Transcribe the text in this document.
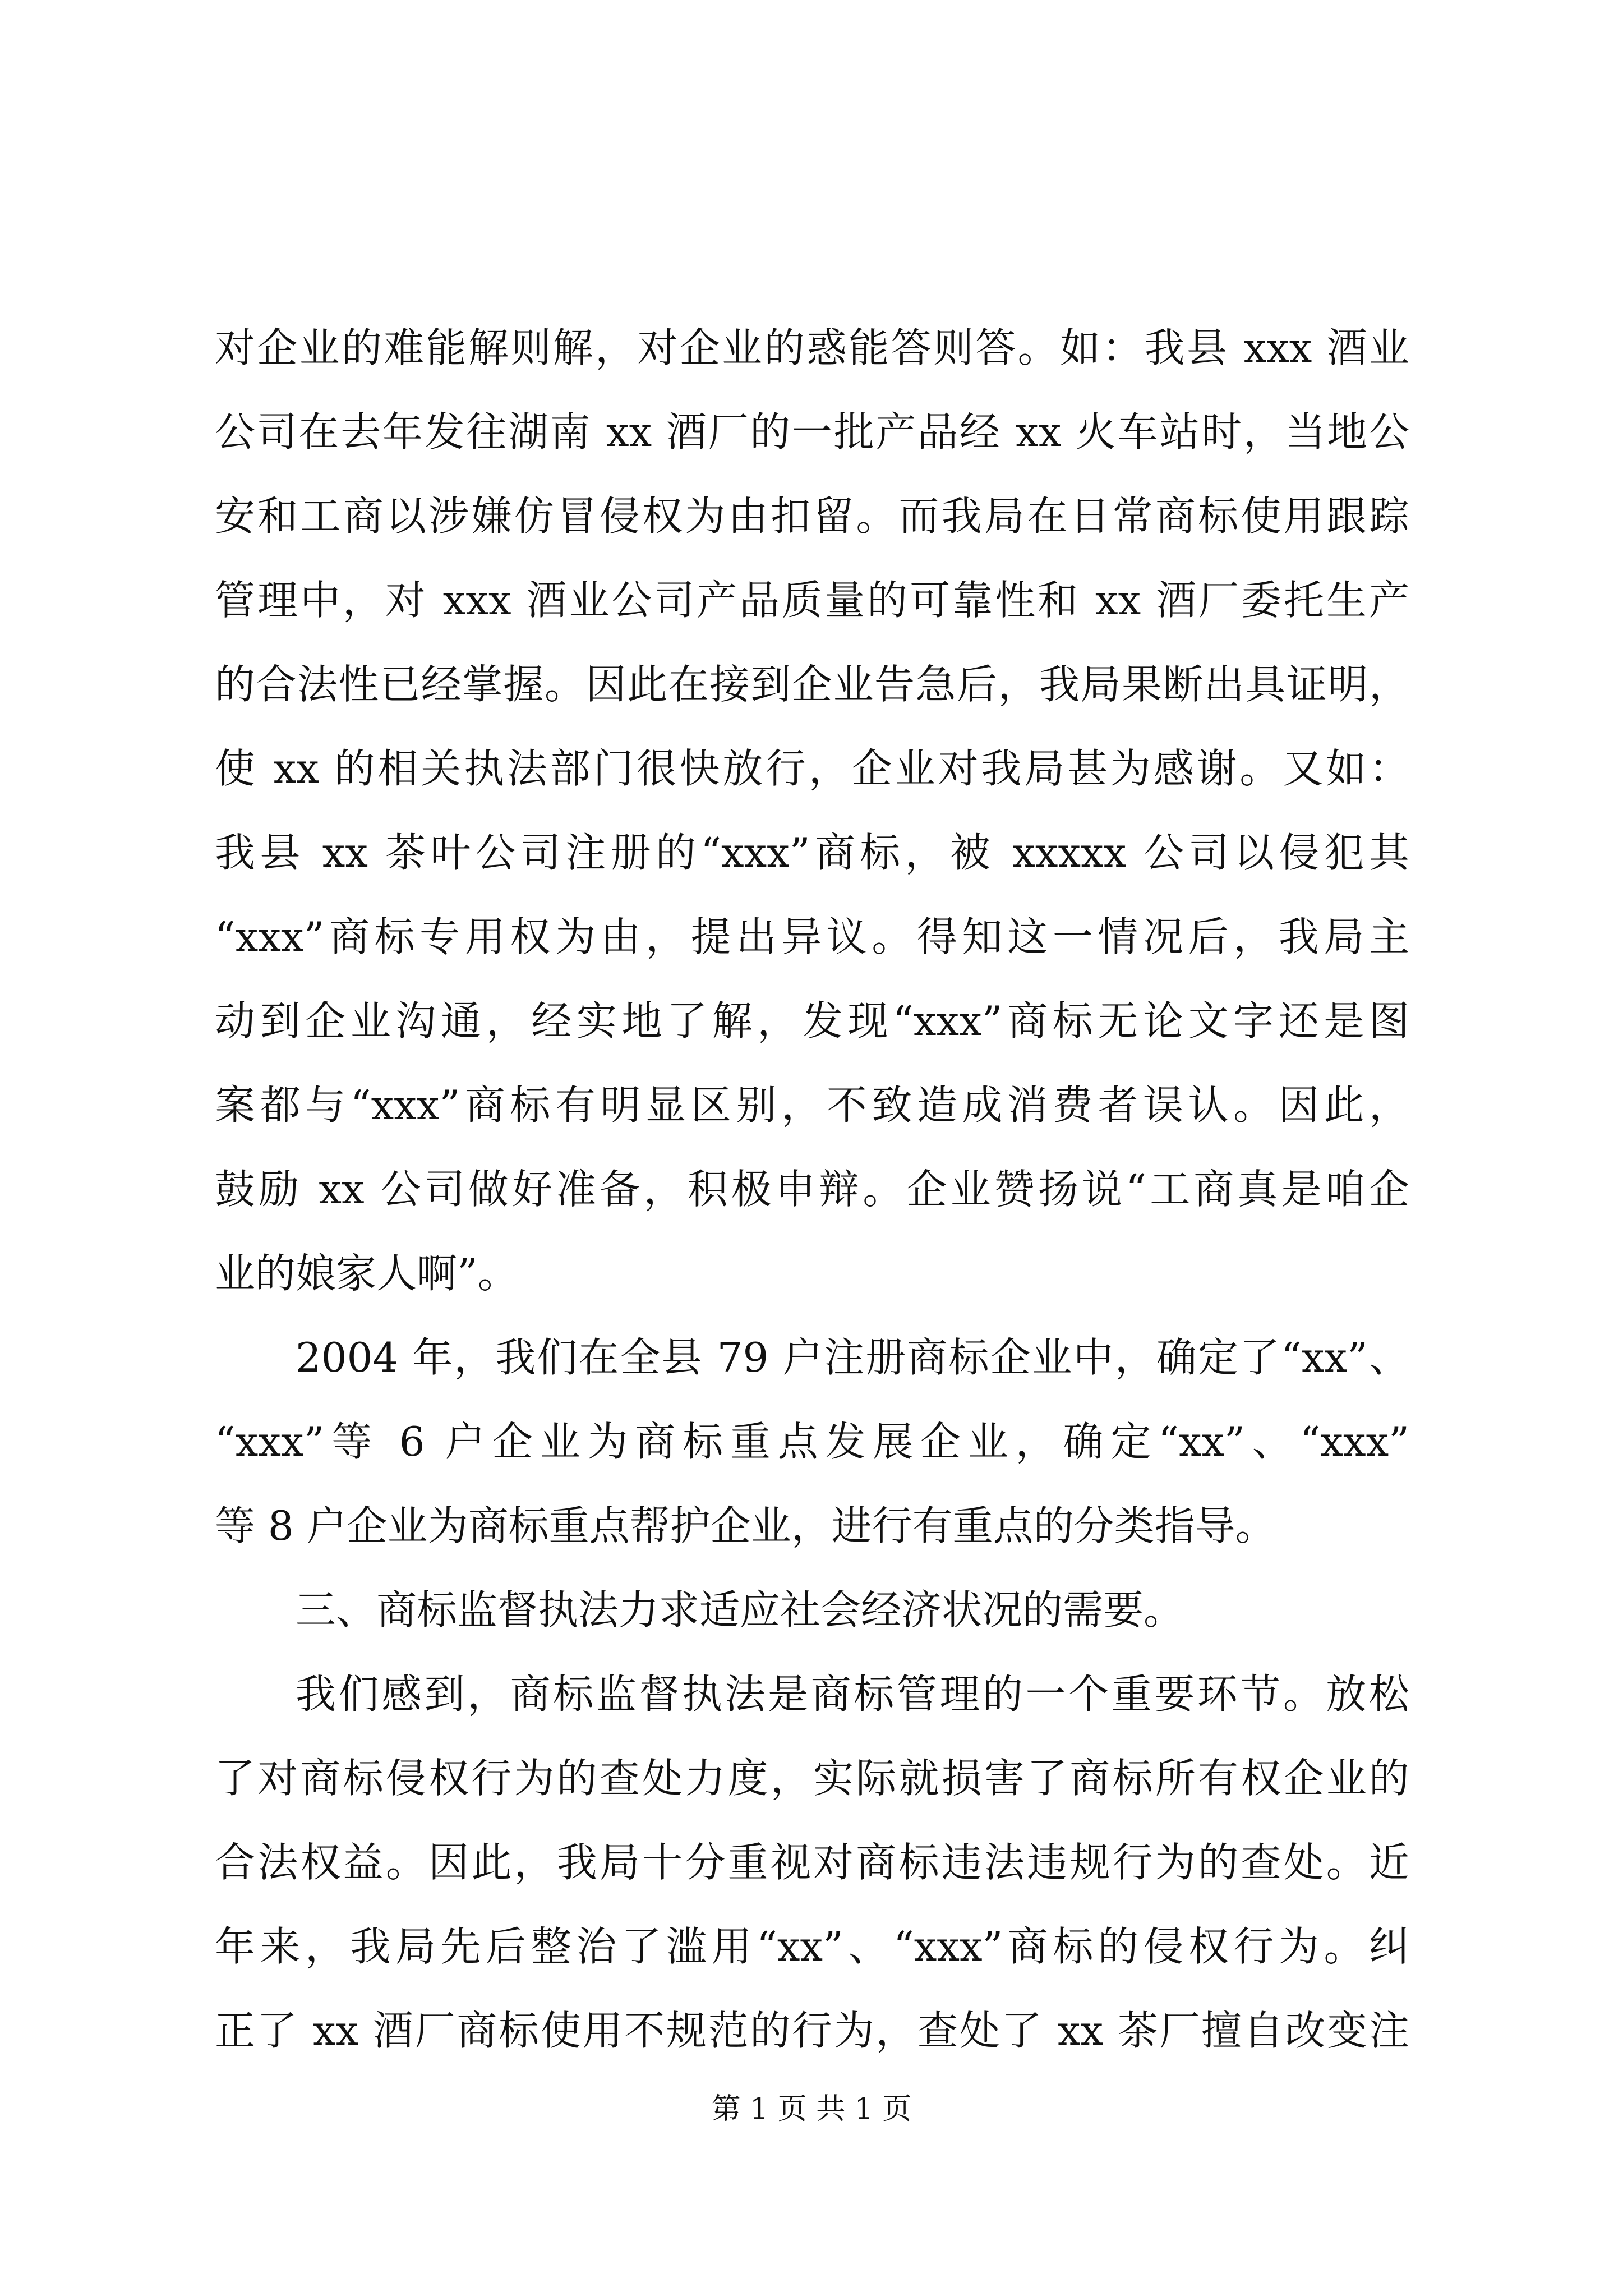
对企业的难能解则解，对企业的惑能答则答。如：我县 xxx 酒业
公司在去年发往湖南 xx 酒厂的一批产品经 xx 火车站时，当地公
安和工商以涉嫌仿冒侵权为由扣留。而我局在日常商标使用跟踪
管理中，对 xxx 酒业公司产品质量的可靠性和 xx 酒厂委托生产
的合法性已经掌握。因此在接到企业告急后，我局果断出具证明，
使 xx 的相关执法部门很快放行，企业对我局甚为感谢。又如：
我县 xx 茶叶公司注册的“xxx”商标，被 xxxxx 公司以侵犯其
“xxx”商标专用权为由，提出异议。得知这一情况后，我局主
动到企业沟通，经实地了解，发现“xxx”商标无论文字还是图
案都与“xxx”商标有明显区别，不致造成消费者误认。因此，
鼓励 xx 公司做好准备，积极申辩。企业赞扬说“工商真是咱企
业的娘家人啊”。
2004 年，我们在全县 79 户注册商标企业中，确定了“xx”、
“xxx”等 6 户企业为商标重点发展企业，确定“xx”、“xxx”
等 8 户企业为商标重点帮护企业，进行有重点的分类指导。
三、商标监督执法力求适应社会经济状况的需要。
我们感到，商标监督执法是商标管理的一个重要环节。放松
了对商标侵权行为的查处力度，实际就损害了商标所有权企业的
合法权益。因此，我局十分重视对商标违法违规行为的查处。近
年来，我局先后整治了滥用“xx”、“xxx”商标的侵权行为。纠
正了 xx 酒厂商标使用不规范的行为，查处了 xx 茶厂擅自改变注
第 1 页 共 1 页
